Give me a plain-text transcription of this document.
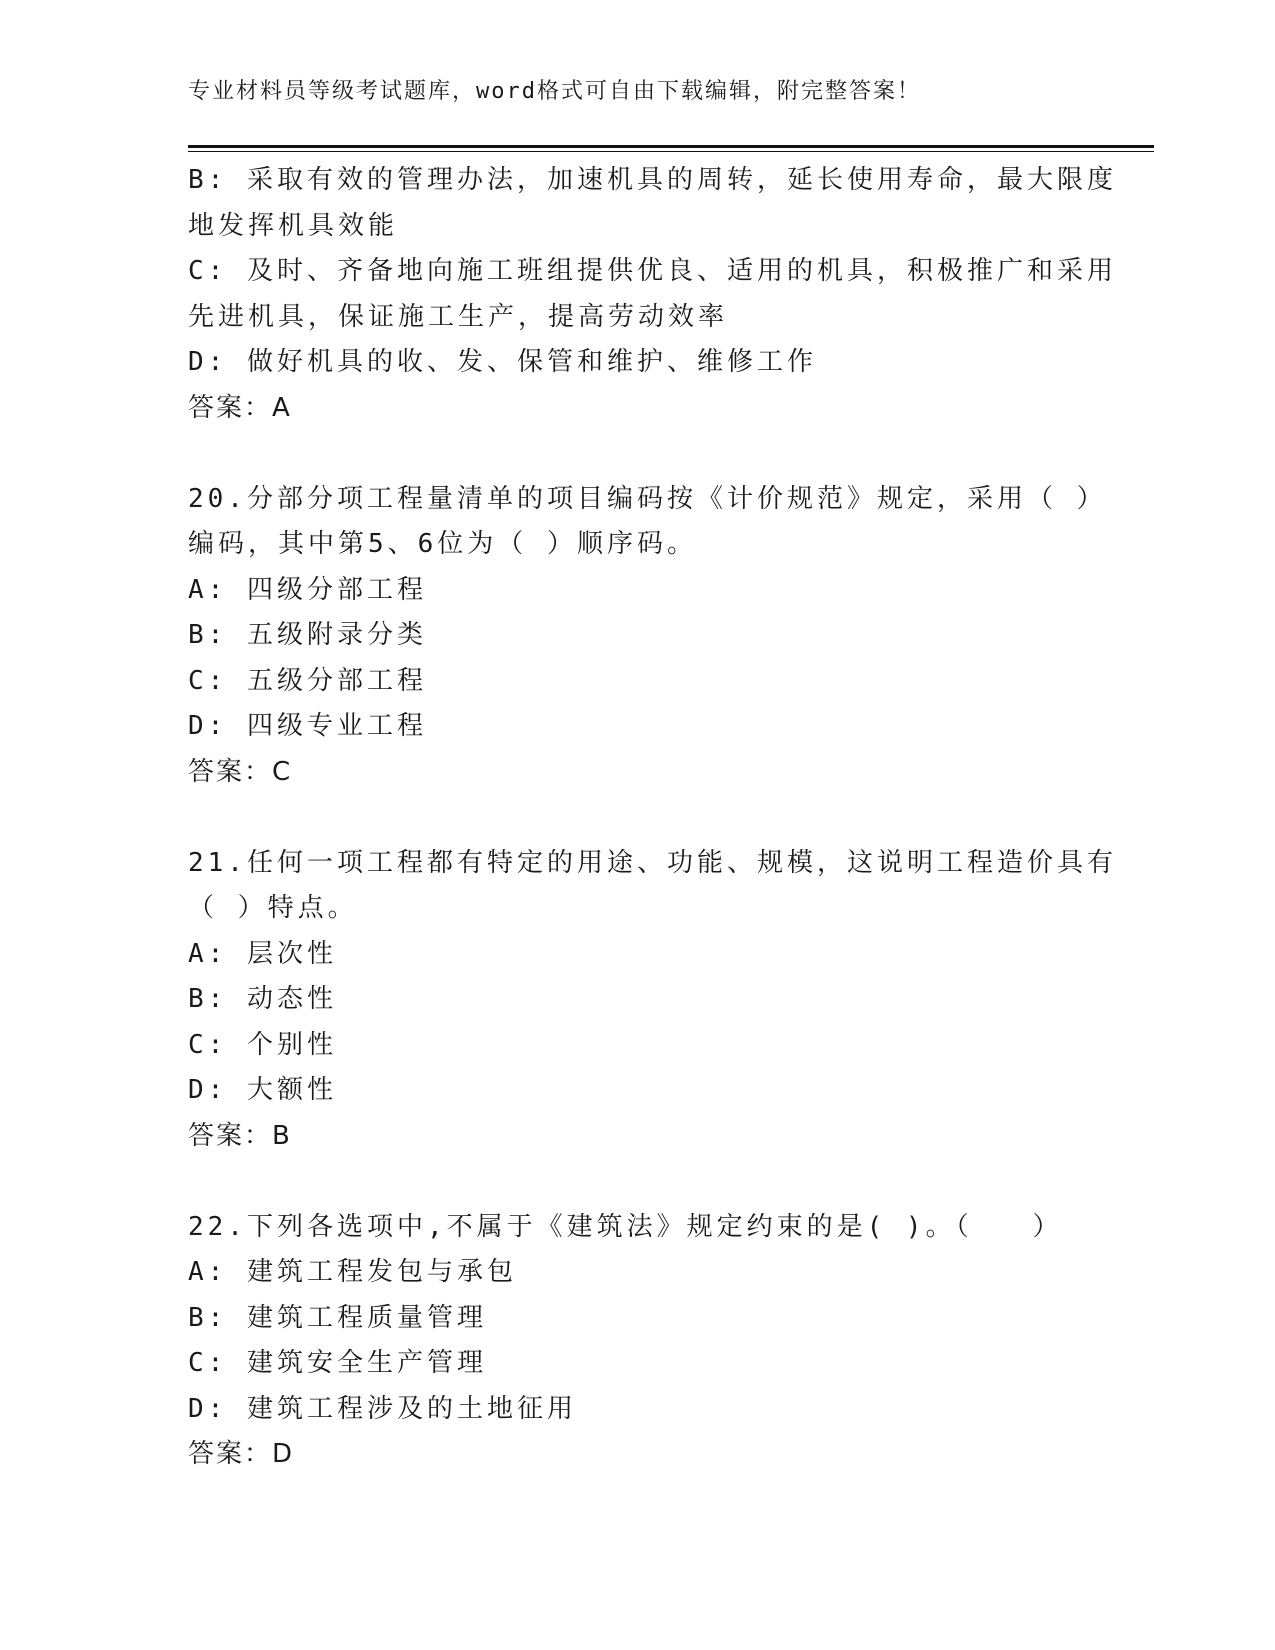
专业材料员等级考试题库，word格式可自由下载编辑，附完整答案！
B: 采取有效的管理办法，加速机具的周转，延长使用寿命，最大限度
地发挥机具效能
C: 及时、齐备地向施工班组提供优良、适用的机具，积极推广和采用
先进机具，保证施工生产，提高劳动效率
D: 做好机具的收、发、保管和维护、维修工作
答案：A
20.分部分项工程量清单的项目编码按《计价规范》规定，采用（ ）
编码，其中第5、6位为（ ）顺序码。
A: 四级分部工程
B: 五级附录分类
C: 五级分部工程
D: 四级专业工程
答案：C
21.任何一项工程都有特定的用途、功能、规模，这说明工程造价具有
（ ）特点。
A: 层次性
B: 动态性
C: 个别性
D: 大额性
答案：B
22.下列各选项中,不属于《建筑法》规定约束的是( )。（　　）
A: 建筑工程发包与承包
B: 建筑工程质量管理
C: 建筑安全生产管理
D: 建筑工程涉及的土地征用
答案：D
